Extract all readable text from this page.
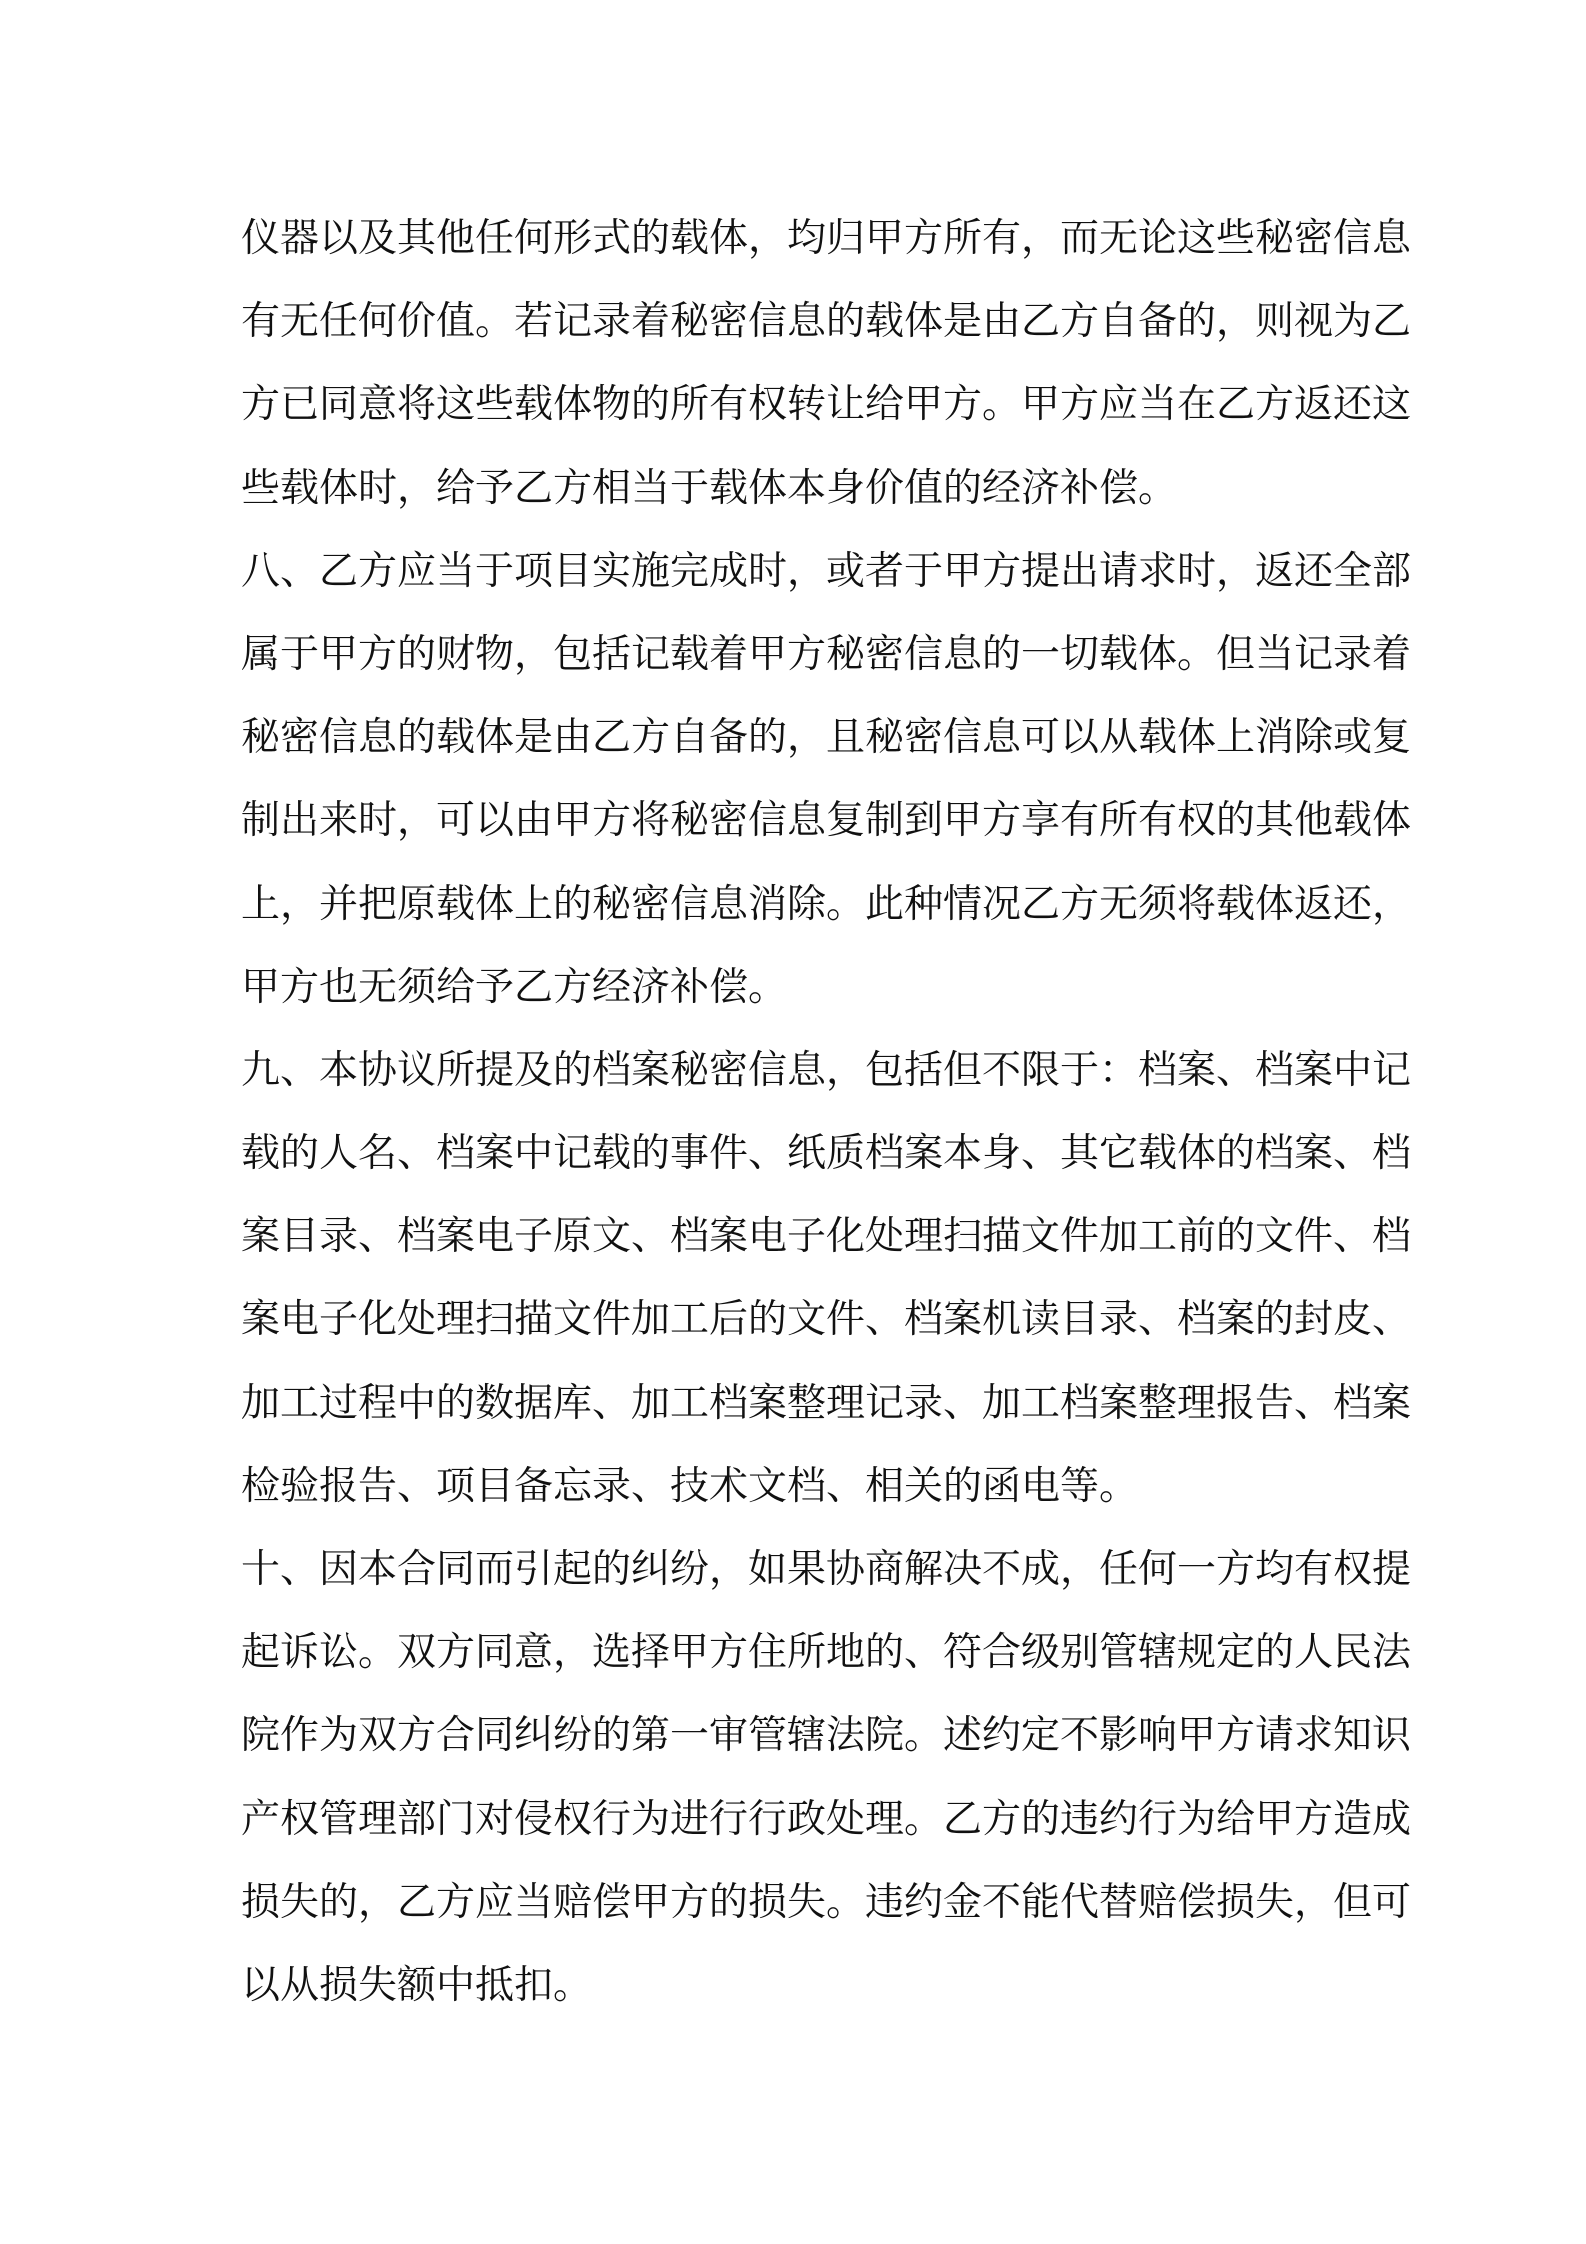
仪器以及其他任何形式的载体，均归甲方所有，而无论这些秘密信息
有无任何价值。若记录着秘密信息的载体是由乙方自备的，则视为乙
方已同意将这些载体物的所有权转让给甲方。甲方应当在乙方返还这
些载体时，给予乙方相当于载体本身价值的经济补偿。
八、乙方应当于项目实施完成时，或者于甲方提出请求时，返还全部
属于甲方的财物，包括记载着甲方秘密信息的一切载体。但当记录着
秘密信息的载体是由乙方自备的，且秘密信息可以从载体上消除或复
制出来时，可以由甲方将秘密信息复制到甲方享有所有权的其他载体
上，并把原载体上的秘密信息消除。此种情况乙方无须将载体返还，
甲方也无须给予乙方经济补偿。
九、本协议所提及的档案秘密信息，包括但不限于：档案、档案中记
载的人名、档案中记载的事件、纸质档案本身、其它载体的档案、档
案目录、档案电子原文、档案电子化处理扫描文件加工前的文件、档
案电子化处理扫描文件加工后的文件、档案机读目录、档案的封皮、
加工过程中的数据库、加工档案整理记录、加工档案整理报告、档案
检验报告、项目备忘录、技术文档、相关的函电等。
十、因本合同而引起的纠纷，如果协商解决不成，任何一方均有权提
起诉讼。双方同意，选择甲方住所地的、符合级别管辖规定的人民法
院作为双方合同纠纷的第一审管辖法院。述约定不影响甲方请求知识
产权管理部门对侵权行为进行行政处理。乙方的违约行为给甲方造成
损失的，乙方应当赔偿甲方的损失。违约金不能代替赔偿损失，但可
以从损失额中抵扣。
